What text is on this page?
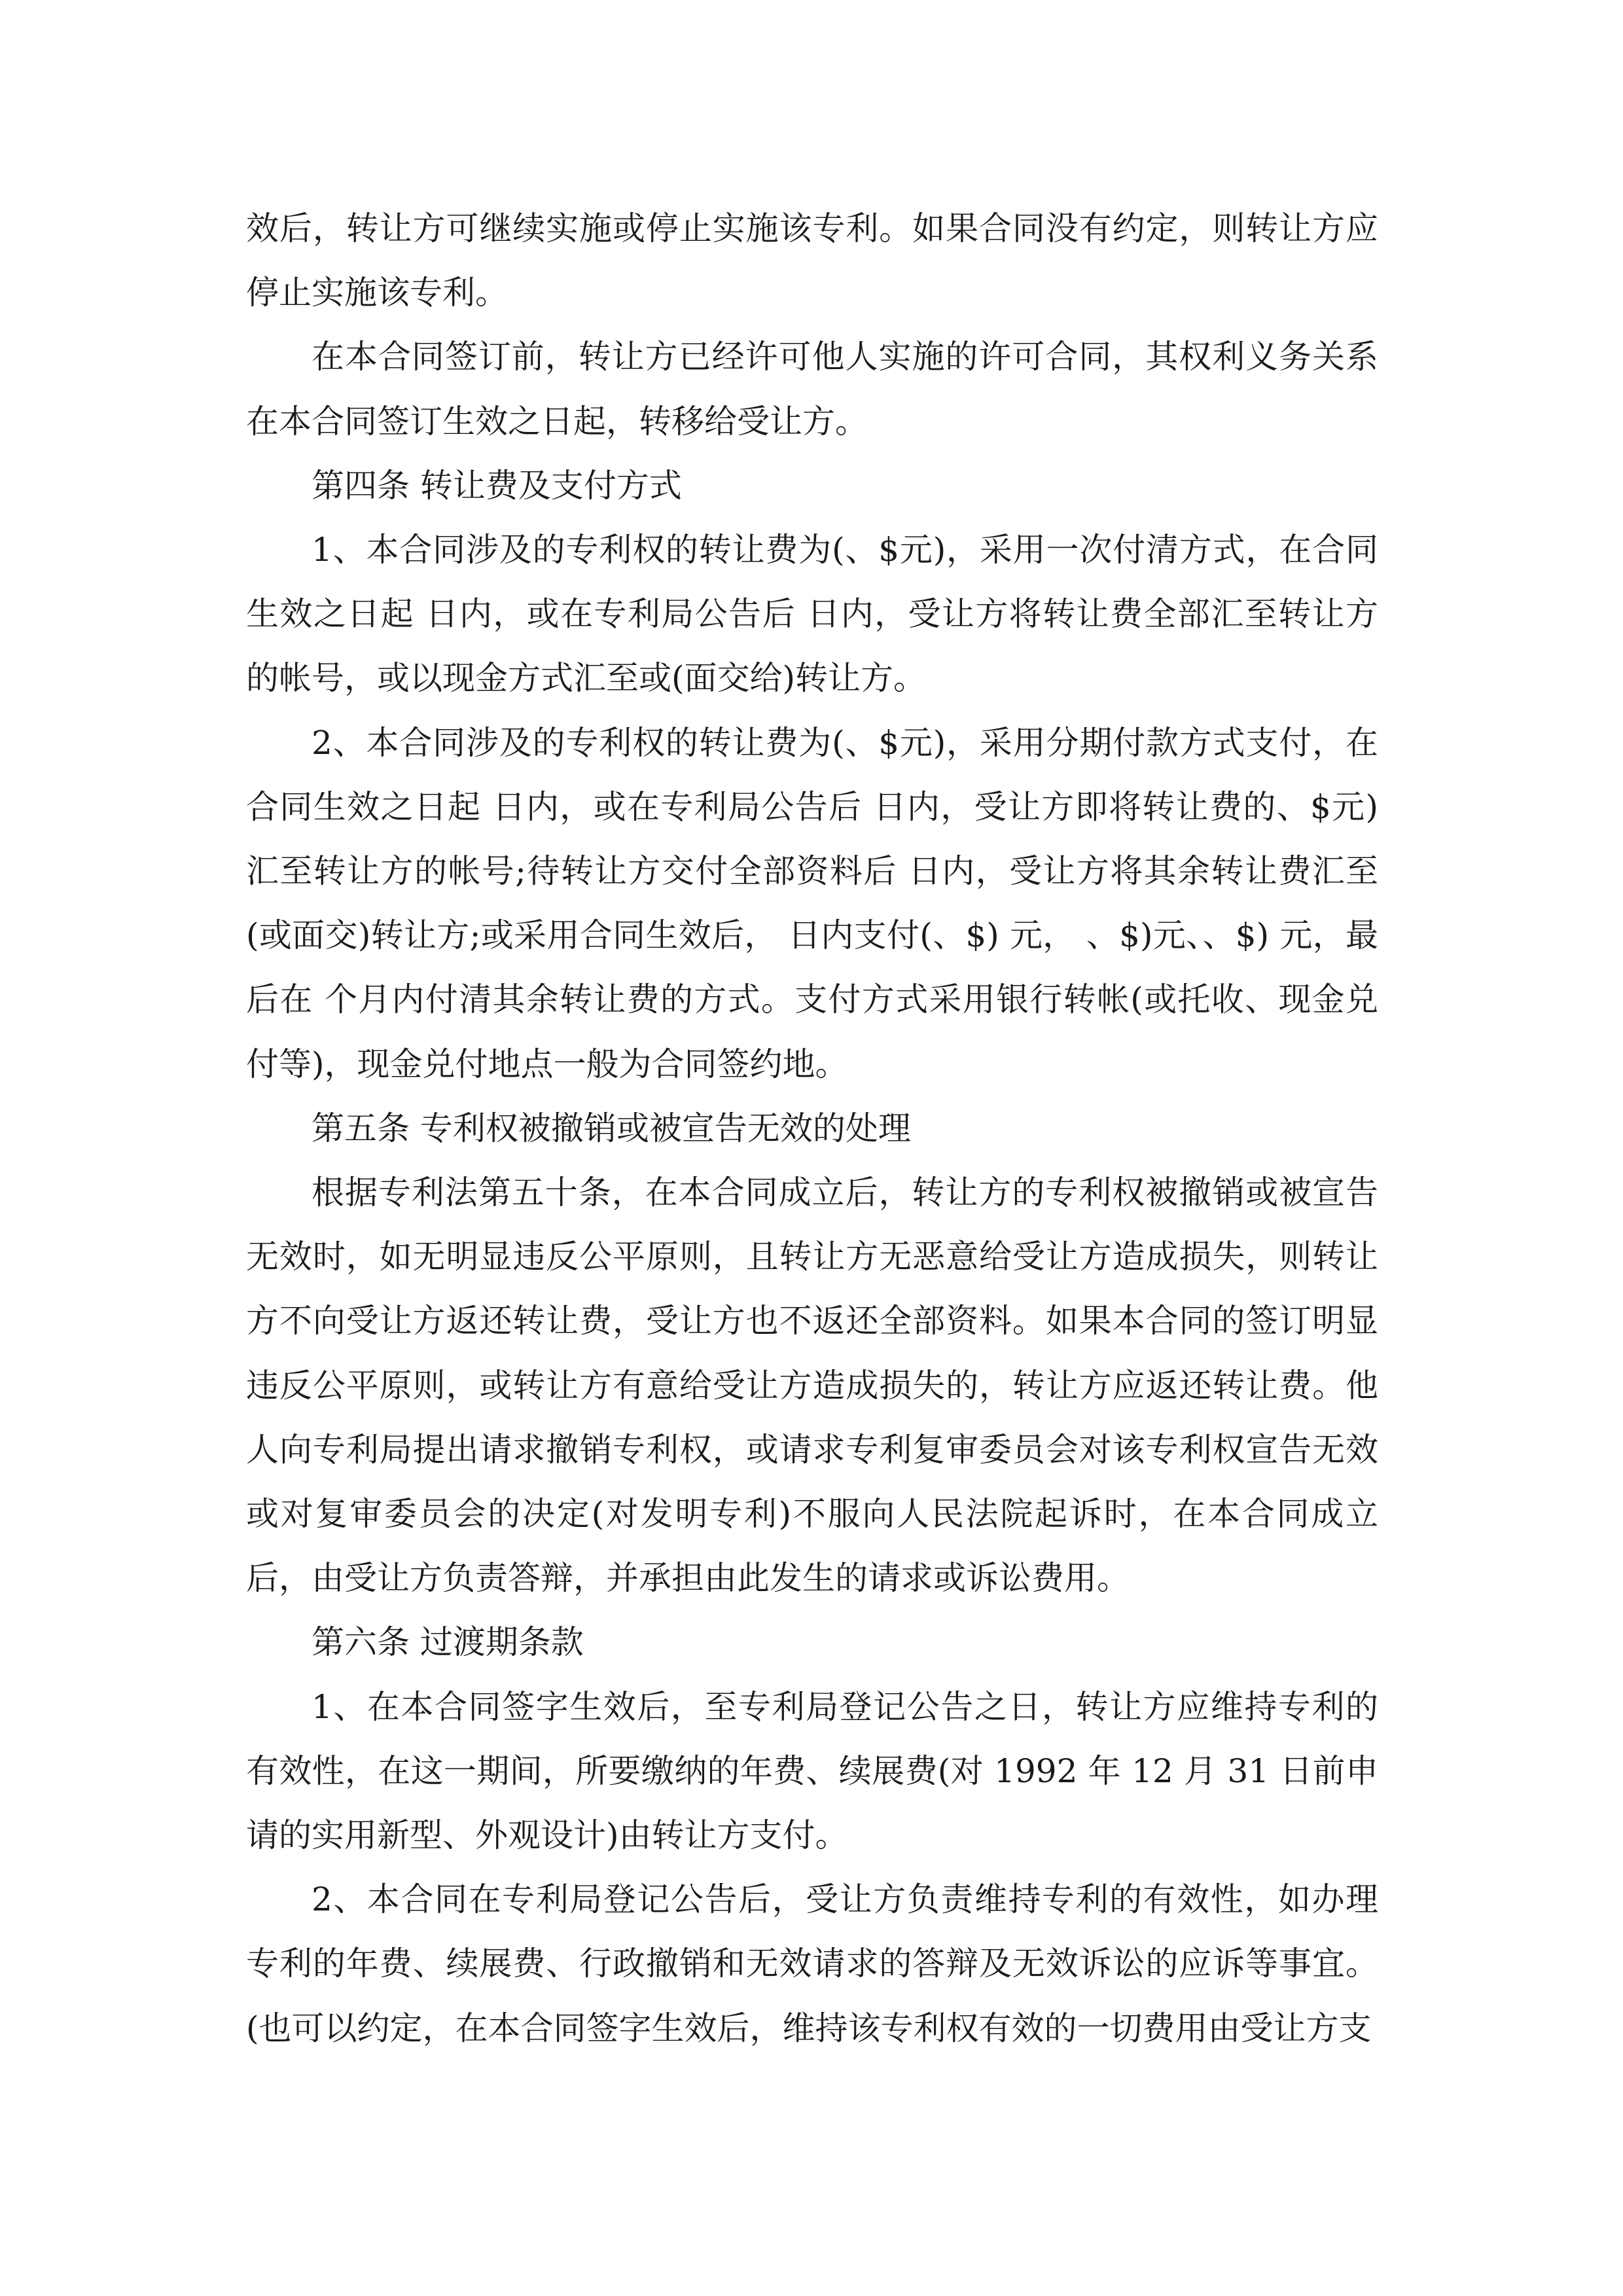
效后，转让方可继续实施或停止实施该专利。如果合同没有约定，则转让方应停止实施该专利。

在本合同签订前，转让方已经许可他人实施的许可合同，其权利义务关系在本合同签订生效之日起，转移给受让方。

第四条 转让费及支付方式

1、本合同涉及的专利权的转让费为(、$元)，采用一次付清方式，在合同生效之日起 日内，或在专利局公告后 日内，受让方将转让费全部汇至转让方的帐号，或以现金方式汇至或(面交给)转让方。

2、本合同涉及的专利权的转让费为(、$元)，采用分期付款方式支付，在合同生效之日起 日内，或在专利局公告后 日内，受让方即将转让费的、$元)汇至转让方的帐号;待转让方交付全部资料后 日内，受让方将其余转让费汇至(或面交)转让方;或采用合同生效后， 日内支付(、$) 元， 、$)元、、$) 元，最后在 个月内付清其余转让费的方式。支付方式采用银行转帐(或托收、现金兑付等)，现金兑付地点一般为合同签约地。

第五条 专利权被撤销或被宣告无效的处理

根据专利法第五十条，在本合同成立后，转让方的专利权被撤销或被宣告无效时，如无明显违反公平原则，且转让方无恶意给受让方造成损失，则转让方不向受让方返还转让费，受让方也不返还全部资料。如果本合同的签订明显违反公平原则，或转让方有意给受让方造成损失的，转让方应返还转让费。他人向专利局提出请求撤销专利权，或请求专利复审委员会对该专利权宣告无效或对复审委员会的决定(对发明专利)不服向人民法院起诉时，在本合同成立后，由受让方负责答辩，并承担由此发生的请求或诉讼费用。

第六条 过渡期条款

1、在本合同签字生效后，至专利局登记公告之日，转让方应维持专利的有效性，在这一期间，所要缴纳的年费、续展费(对 1992 年 12 月 31 日前申请的实用新型、外观设计)由转让方支付。

2、本合同在专利局登记公告后，受让方负责维持专利的有效性，如办理专利的年费、续展费、行政撤销和无效请求的答辩及无效诉讼的应诉等事宜。(也可以约定，在本合同签字生效后，维持该专利权有效的一切费用由受让方支
